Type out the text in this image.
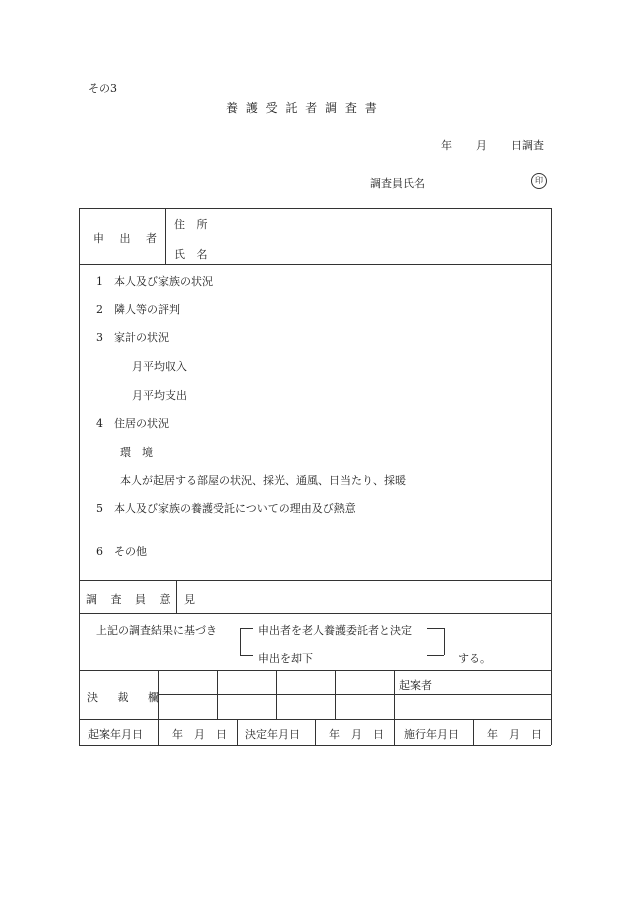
その3
養 護 受 託 者 調 査 書
年 月 日調査
調査員氏名	印
申 出 者
住 所
氏 名
1　本人及び家族の状況
2　隣人等の評判
3　家計の状況
月平均収入
月平均支出
4　住居の状況
環　境
本人が起居する部屋の状況、採光、通風、日当たり、採暖
5　本人及び家族の養護受託についての理由及び熱意
6　その他
調 査 員 意 見
上記の調査結果に基づき	申出者を老人養護委託者と決定
申出を却下	する。
決 裁 欄
起案者
起案年月日	年　月　日 決定年月日	年　月　日 施行年月日	年　月　日
